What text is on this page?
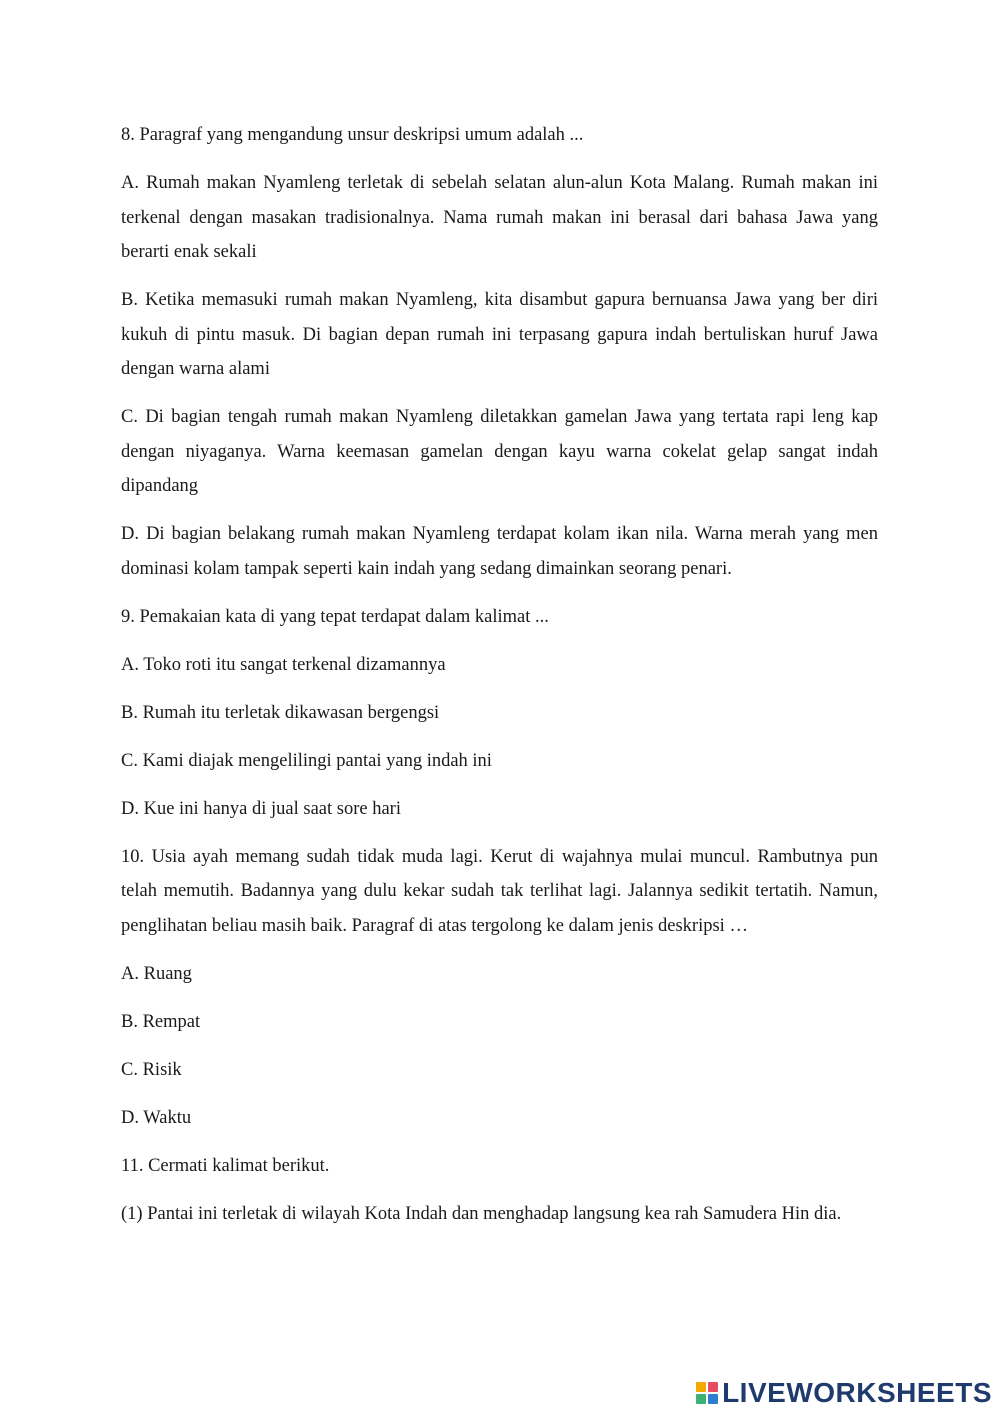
8. Paragraf yang mengandung unsur deskripsi umum adalah ...

A. Rumah makan Nyamleng terletak di sebelah selatan alun-alun Kota Malang. Rumah makan ini terkenal dengan masakan tradisionalnya. Nama rumah makan ini berasal dari bahasa Jawa yang berarti enak sekali

B. Ketika memasuki rumah makan Nyamleng, kita disambut gapura bernuansa Jawa yang ber diri kukuh di pintu masuk. Di bagian depan rumah ini terpasang gapura indah bertuliskan huruf Jawa dengan warna alami

C. Di bagian tengah rumah makan Nyamleng diletakkan gamelan Jawa yang tertata rapi leng kap dengan niyaganya. Warna keemasan gamelan dengan kayu warna cokelat gelap sangat indah dipandang

D. Di bagian belakang rumah makan Nyamleng terdapat kolam ikan nila. Warna merah yang men dominasi kolam tampak seperti kain indah yang sedang dimainkan seorang penari.

9. Pemakaian kata di yang tepat terdapat dalam kalimat ...

A. Toko roti itu sangat terkenal dizamannya

B. Rumah itu terletak dikawasan bergengsi

C. Kami diajak mengelilingi pantai yang indah ini

D. Kue ini hanya di jual saat sore hari

10. Usia ayah memang sudah tidak muda lagi. Kerut di wajahnya mulai muncul. Rambutnya pun telah memutih. Badannya yang dulu kekar sudah tak terlihat lagi. Jalannya sedikit tertatih. Namun, penglihatan beliau masih baik. Paragraf di atas tergolong ke dalam jenis deskripsi …

A. Ruang

B. Rempat

C. Risik

D. Waktu

11. Cermati kalimat berikut.

(1) Pantai ini terletak di wilayah Kota Indah dan menghadap langsung kea rah Samudera Hin dia.

LIVEWORKSHEETS
